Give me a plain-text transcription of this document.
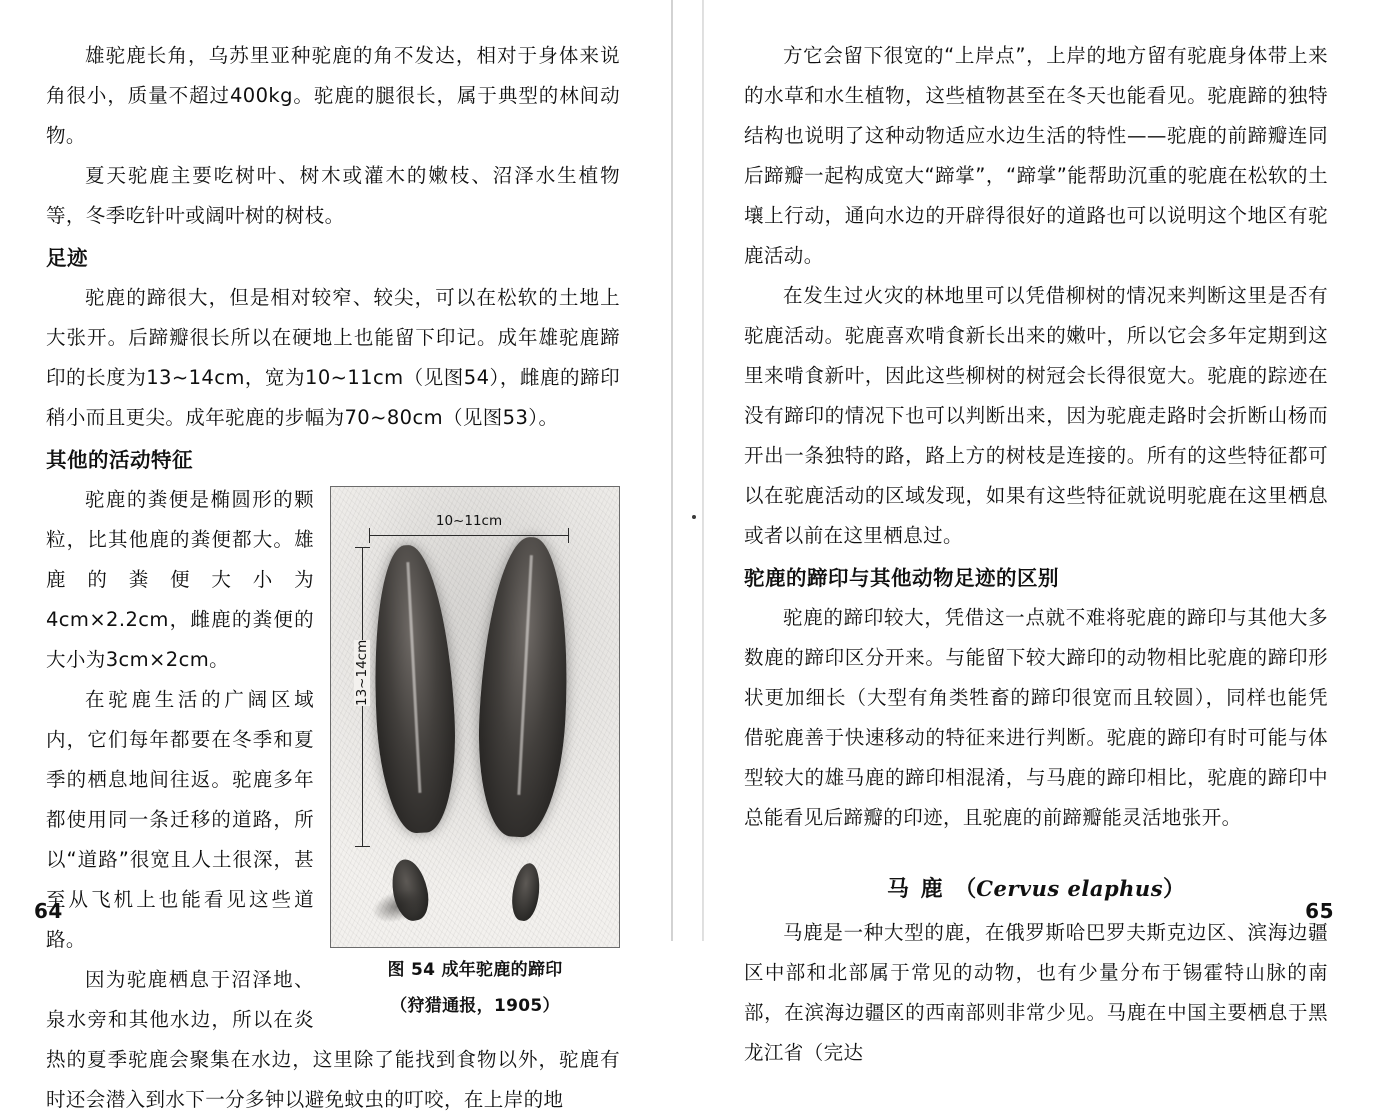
雄驼鹿长角，乌苏里亚种驼鹿的角不发达，相对于身体来说角很小，质量不超过400kg。驼鹿的腿很长，属于典型的林间动物。

夏天驼鹿主要吃树叶、树木或灌木的嫩枝、沼泽水生植物等，冬季吃针叶或阔叶树的树枝。

足迹

驼鹿的蹄很大，但是相对较窄、较尖，可以在松软的土地上大张开。后蹄瓣很长所以在硬地上也能留下印记。成年雄驼鹿蹄印的长度为13~14cm，宽为10~11cm（见图54），雌鹿的蹄印稍小而且更尖。成年驼鹿的步幅为70~80cm（见图53）。

其他的活动特征
10~11cm
13~14cm
图 54 成年驼鹿的蹄印
（狩猎通报，1905）

驼鹿的粪便是椭圆形的颗粒，比其他鹿的粪便都大。雄鹿的粪便大小为4cm×2.2cm，雌鹿的粪便的大小为3cm×2cm。

在驼鹿生活的广阔区域内，它们每年都要在冬季和夏季的栖息地间往返。驼鹿多年都使用同一条迁移的道路，所以“道路”很宽且人土很深，甚至从飞机上也能看见这些道路。

因为驼鹿栖息于沼泽地、泉水旁和其他水边，所以在炎热的夏季驼鹿会聚集在水边，这里除了能找到食物以外，驼鹿有时还会潜入到水下一分多钟以避免蚊虫的叮咬，在上岸的地

64

方它会留下很宽的“上岸点”，上岸的地方留有驼鹿身体带上来的水草和水生植物，这些植物甚至在冬天也能看见。驼鹿蹄的独特结构也说明了这种动物适应水边生活的特性——驼鹿的前蹄瓣连同后蹄瓣一起构成宽大“蹄掌”，“蹄掌”能帮助沉重的驼鹿在松软的土壤上行动，通向水边的开辟得很好的道路也可以说明这个地区有驼鹿活动。

在发生过火灾的林地里可以凭借柳树的情况来判断这里是否有驼鹿活动。驼鹿喜欢啃食新长出来的嫩叶，所以它会多年定期到这里来啃食新叶，因此这些柳树的树冠会长得很宽大。驼鹿的踪迹在没有蹄印的情况下也可以判断出来，因为驼鹿走路时会折断山杨而开出一条独特的路，路上方的树枝是连接的。所有的这些特征都可以在驼鹿活动的区域发现，如果有这些特征就说明驼鹿在这里栖息或者以前在这里栖息过。

驼鹿的蹄印与其他动物足迹的区别

驼鹿的蹄印较大，凭借这一点就不难将驼鹿的蹄印与其他大多数鹿的蹄印区分开来。与能留下较大蹄印的动物相比驼鹿的蹄印形状更加细长（大型有角类牲畜的蹄印很宽而且较圆），同样也能凭借驼鹿善于快速移动的特征来进行判断。驼鹿的蹄印有时可能与体型较大的雄马鹿的蹄印相混淆，与马鹿的蹄印相比，驼鹿的蹄印中总能看见后蹄瓣的印迹，且驼鹿的前蹄瓣能灵活地张开。

马 鹿 （Cervus elaphus）

马鹿是一种大型的鹿，在俄罗斯哈巴罗夫斯克边区、滨海边疆区中部和北部属于常见的动物，也有少量分布于锡霍特山脉的南部，在滨海边疆区的西南部则非常少见。马鹿在中国主要栖息于黑龙江省（完达

65
